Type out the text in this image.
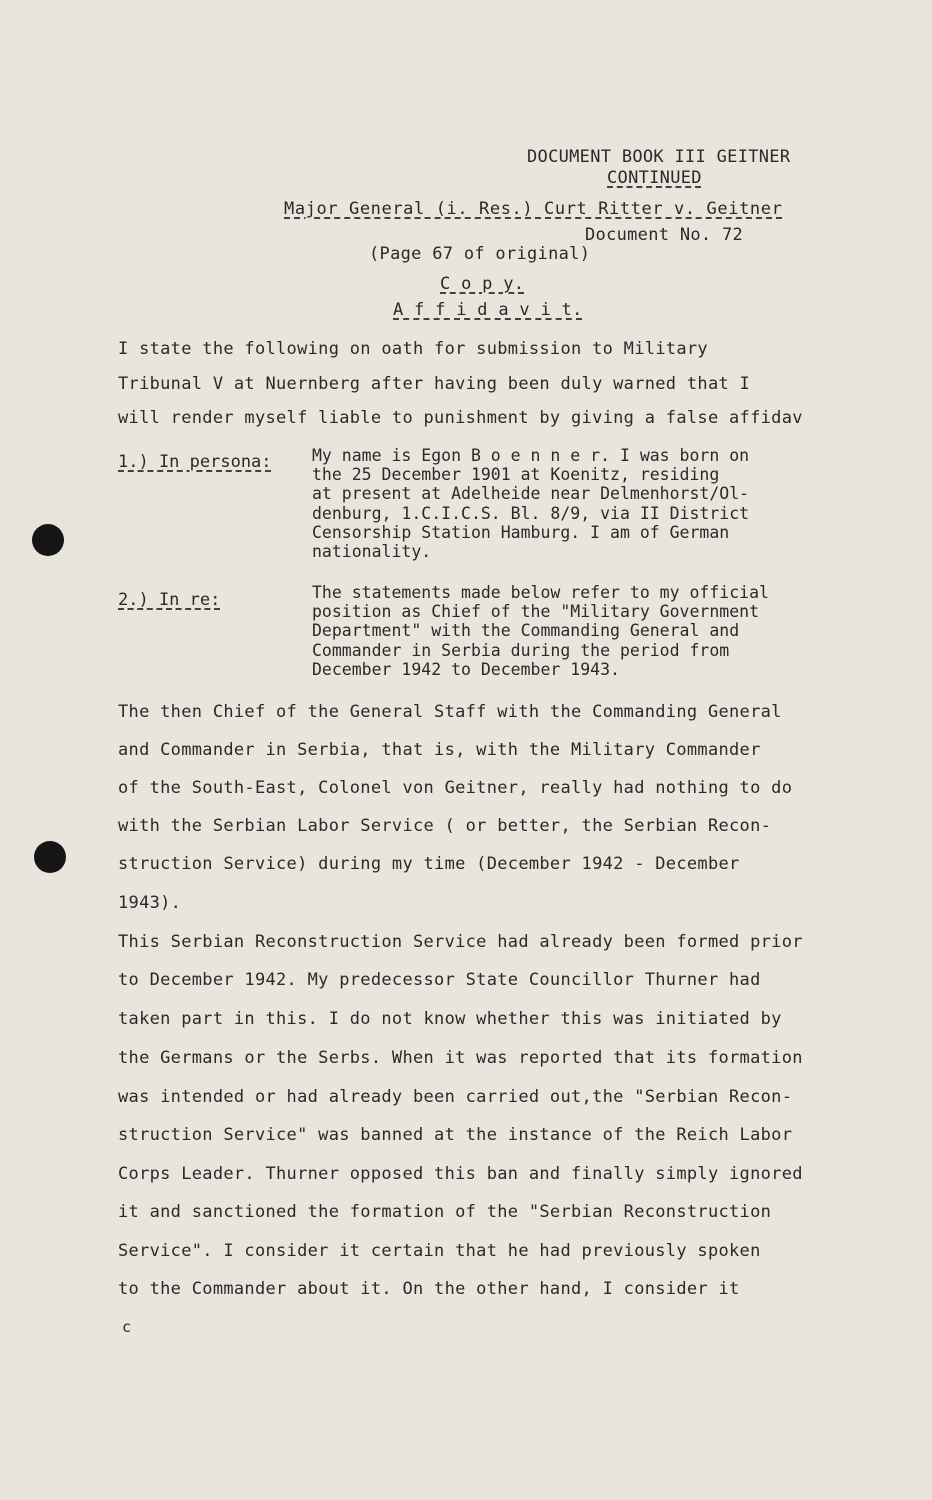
DOCUMENT BOOK III GEITNER
CONTINUED
Major General (i. Res.) Curt Ritter v. Geitner
Document No. 72
(Page 67 of original)
C o p y.
A f f i d a v i t.
I state the following on oath for submission to Military
Tribunal V at Nuernberg after having been duly warned that I
will render myself liable to punishment by giving a false affidav
1.) In persona: My name is Egon B o e n n e r. I was born on
the 25 December 1901 at Koenitz, residing
at present at Adelheide near Delmenhorst/Ol-
denburg, 1.C.I.C.S. Bl. 8/9, via II District
Censorship Station Hamburg. I am of German
nationality.
2.) In re:	The statements made below refer to my official
position as Chief of the "Military Government
Department" with the Commanding General and
Commander in Serbia during the period from
December 1942 to December 1943.
The then Chief of the General Staff with the Commanding General
and Commander in Serbia, that is, with the Military Commander
of the South-East, Colonel von Geitner, really had nothing to do
with the Serbian Labor Service ( or better, the Serbian Recon-
struction Service) during my time (December 1942 - December
1943).
This Serbian Reconstruction Service had already been formed prior
to December 1942. My predecessor State Councillor Thurner had
taken part in this. I do not know whether this was initiated by
the Germans or the Serbs. When it was reported that its formation
was intended or had already been carried out,the "Serbian Recon-
struction Service" was banned at the instance of the Reich Labor
Corps Leader. Thurner opposed this ban and finally simply ignored
it and sanctioned the formation of the "Serbian Reconstruction
Service". I consider it certain that he had previously spoken
to the Commander about it. On the other hand, I consider it
c
